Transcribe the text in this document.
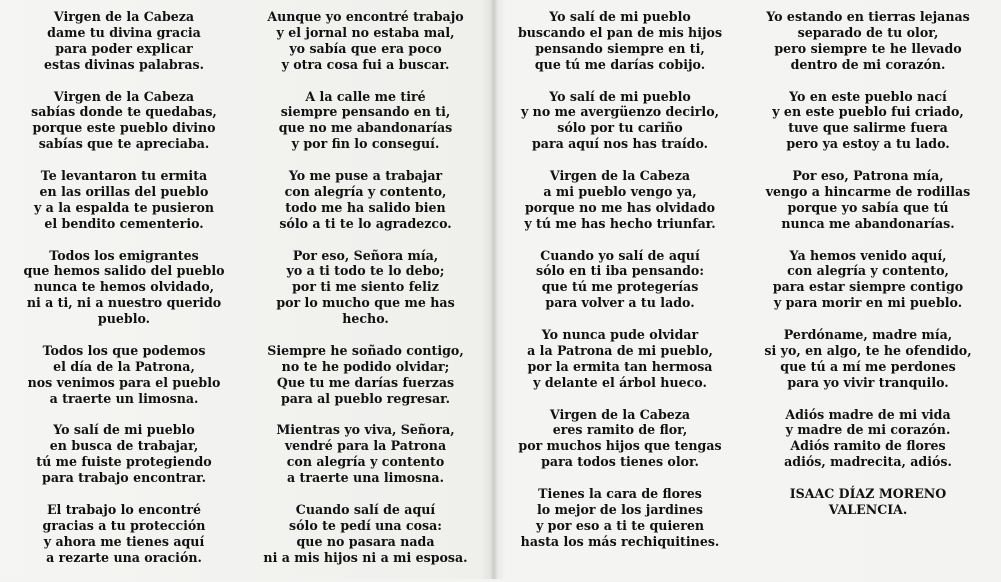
Virgen de la Cabeza
dame tu divina gracia
para poder explicar
estas divinas palabras.
Virgen de la Cabeza
sabías donde te quedabas,
porque este pueblo divino
sabías que te apreciaba.
Te levantaron tu ermita
en las orillas del pueblo
y a la espalda te pusieron
el bendito cementerio.
Todos los emigrantes
que hemos salido del pueblo
nunca te hemos olvidado,
ni a ti, ni a nuestro querido
pueblo.
Todos los que podemos
el día de la Patrona,
nos venimos para el pueblo
a traerte un limosna.
Yo salí de mi pueblo
en busca de trabajar,
tú me fuiste protegiendo
para trabajo encontrar.
El trabajo lo encontré
gracias a tu protección
y ahora me tienes aquí
a rezarte una oración.
Aunque yo encontré trabajo
y el jornal no estaba mal,
yo sabía que era poco
y otra cosa fui a buscar.
A la calle me tiré
siempre pensando en ti,
que no me abandonarías
y por fin lo conseguí.
Yo me puse a trabajar
con alegría y contento,
todo me ha salido bien
sólo a ti te lo agradezco.
Por eso, Señora mía,
yo a ti todo te lo debo;
por ti me siento feliz
por lo mucho que me has
hecho.
Siempre he soñado contigo,
no te he podido olvidar;
Que tu me darías fuerzas
para al pueblo regresar.
Mientras yo viva, Señora,
vendré para la Patrona
con alegría y contento
a traerte una limosna.
Cuando salí de aquí
sólo te pedí una cosa:
que no pasara nada
ni a mis hijos ni a mi esposa.
Yo salí de mi pueblo
buscando el pan de mis hijos
pensando siempre en ti,
que tú me darías cobijo.
Yo salí de mi pueblo
y no me avergüenzo decirlo,
sólo por tu cariño
para aquí nos has traído.
Virgen de la Cabeza
a mi pueblo vengo ya,
porque no me has olvidado
y tú me has hecho triunfar.
Cuando yo salí de aquí
sólo en ti iba pensando:
que tú me protegerías
para volver a tu lado.
Yo nunca pude olvidar
a la Patrona de mi pueblo,
por la ermita tan hermosa
y delante el árbol hueco.
Virgen de la Cabeza
eres ramito de flor,
por muchos hijos que tengas
para todos tienes olor.
Tienes la cara de flores
lo mejor de los jardines
y por eso a ti te quieren
hasta los más rechiquitines.
Yo estando en tierras lejanas
separado de tu olor,
pero siempre te he llevado
dentro de mi corazón.
Yo en este pueblo nací
y en este pueblo fui criado,
tuve que salirme fuera
pero ya estoy a tu lado.
Por eso, Patrona mía,
vengo a hincarme de rodillas
porque yo sabía que tú
nunca me abandonarías.
Ya hemos venido aquí,
con alegría y contento,
para estar siempre contigo
y para morir en mi pueblo.
Perdóname, madre mía,
si yo, en algo, te he ofendido,
que tú a mí me perdones
para yo vivir tranquilo.
Adiós madre de mi vida
y madre de mi corazón.
Adiós ramito de flores
adiós, madrecita, adiós.
ISAAC DÍAZ MORENO
VALENCIA.
